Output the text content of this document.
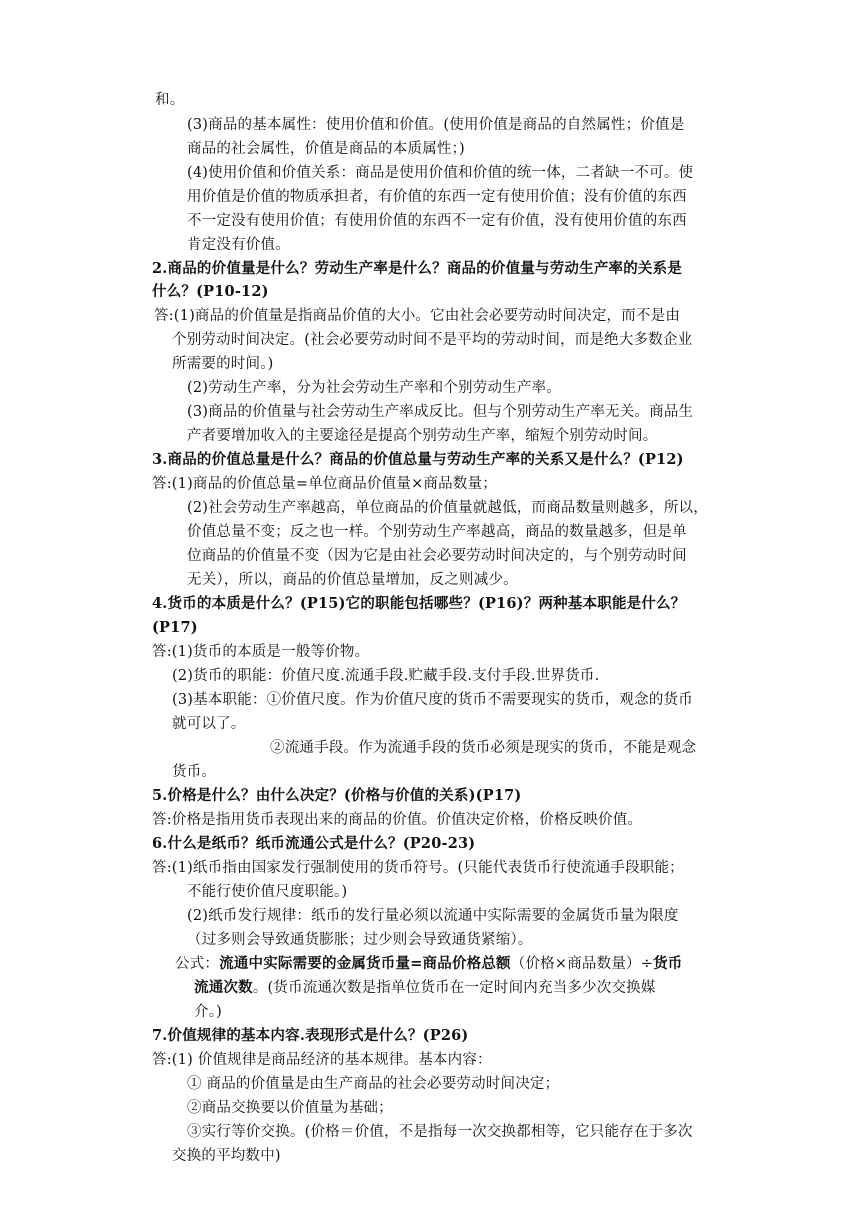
和。
(3)商品的基本属性：使用价值和价值。(使用价值是商品的自然属性；价值是
商品的社会属性，价值是商品的本质属性；)
(4)使用价值和价值关系：商品是使用价值和价值的统一体，二者缺一不可。使
用价值是价值的物质承担者，有价值的东西一定有使用价值；没有价值的东西
不一定没有使用价值；有使用价值的东西不一定有价值，没有使用价值的东西
肯定没有价值。
2.商品的价值量是什么？劳动生产率是什么？商品的价值量与劳动生产率的关系是
什么？(P10-12)
答:(1)商品的价值量是指商品价值的大小。它由社会必要劳动时间决定，而不是由
个别劳动时间决定。(社会必要劳动时间不是平均的劳动时间，而是绝大多数企业
所需要的时间。)
(2)劳动生产率，分为社会劳动生产率和个别劳动生产率。
(3)商品的价值量与社会劳动生产率成反比。但与个别劳动生产率无关。商品生
产者要增加收入的主要途径是提高个别劳动生产率，缩短个别劳动时间。
3.商品的价值总量是什么？商品的价值总量与劳动生产率的关系又是什么？(P12)
答:(1)商品的价值总量=单位商品价值量×商品数量；
(2)社会劳动生产率越高，单位商品的价值量就越低，而商品数量则越多，所以，
价值总量不变；反之也一样。个别劳动生产率越高，商品的数量越多，但是单
位商品的价值量不变（因为它是由社会必要劳动时间决定的，与个别劳动时间
无关），所以，商品的价值总量增加，反之则减少。
4.货币的本质是什么？(P15)它的职能包括哪些？(P16)？两种基本职能是什么？
(P17)
答:(1)货币的本质是一般等价物。
(2)货币的职能：价值尺度.流通手段.贮藏手段.支付手段.世界货币.
(3)基本职能：①价值尺度。作为价值尺度的货币不需要现实的货币，观念的货币
就可以了。
②流通手段。作为流通手段的货币必须是现实的货币，不能是观念
货币。
5.价格是什么？由什么决定？(价格与价值的关系)(P17)
答:价格是指用货币表现出来的商品的价值。价值决定价格，价格反映价值。
6.什么是纸币？纸币流通公式是什么？(P20-23)
答:(1)纸币指由国家发行强制使用的货币符号。(只能代表货币行使流通手段职能；
不能行使价值尺度职能。)
(2)纸币发行规律：纸币的发行量必须以流通中实际需要的金属货币量为限度
（过多则会导致通货膨胀；过少则会导致通货紧缩）。
公式：流通中实际需要的金属货币量=商品价格总额（价格×商品数量）÷货币
流通次数。(货币流通次数是指单位货币在一定时间内充当多少次交换媒
介。)
7.价值规律的基本内容.表现形式是什么？(P26)
答:(1) 价值规律是商品经济的基本规律。基本内容：
① 商品的价值量是由生产商品的社会必要劳动时间决定；
②商品交换要以价值量为基础；
③实行等价交换。(价格＝价值，不是指每一次交换都相等，它只能存在于多次
交换的平均数中)
